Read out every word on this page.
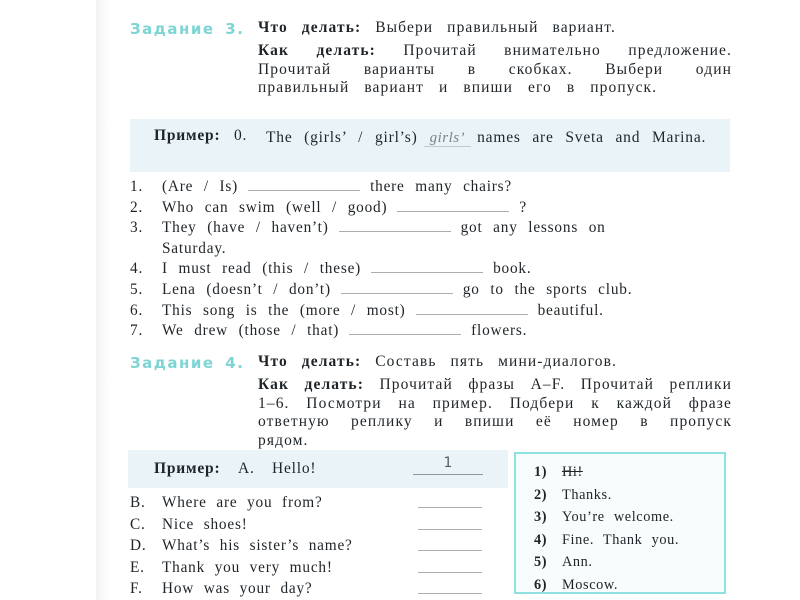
Задание 3. Что делать: Выбери правильный вариант.

Как делать: Прочитай внимательно предложение. Прочитай варианты в скобках. Выбери один правильный вариант и впиши его в пропуск.

Пример: 0.	The (girls’ / girl’s) girls’ names are Sveta and Marina.
1. (Are / Is)	there many chairs?
2. Who can swim (well / good)	?
3. They (have / haven’t)	got any lessons on
Saturday.
4. I must read (this / these)	book.
5. Lena (doesn’t / don’t)	go to the sports club.
6. This song is the (more / most)	beautiful.
7. We drew (those / that)	flowers.
Задание 4. Что делать: Составь пять мини-диалогов.

Как делать: Прочитай фразы A–F. Прочитай реплики 1–6. Посмотри на пример. Подбери к каждой фразе ответную реплику и впиши её номер в пропуск рядом.

Пример: A. Hello!	1
B. Where are you from?
C. Nice shoes!
D. What’s his sister’s name?
E. Thank you very much!
F. How was your day?
1) Hi!
2) Thanks.
3) You’re welcome.
4) Fine. Thank you.
5) Ann.
6) Moscow.
